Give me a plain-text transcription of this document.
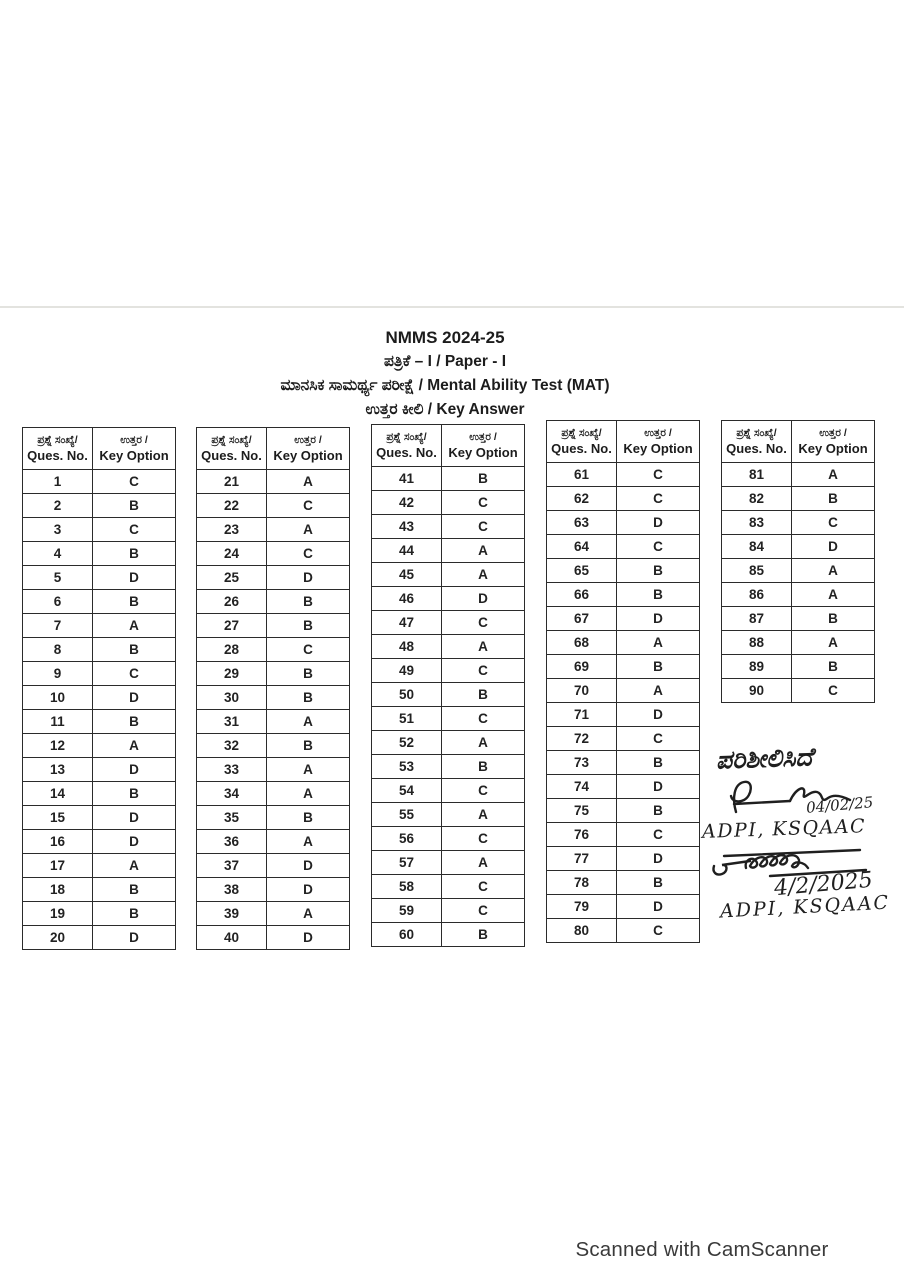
NMMS 2024-25
ಪತ್ರಿಕೆ – I / Paper - I
ಮಾನಸಿಕ ಸಾಮರ್ಥ್ಯ ಪರೀಕ್ಷೆ / Mental Ability Test (MAT)
ಉತ್ತರ ಕೀಲಿ / Key Answer
ಪ್ರಶ್ನೆ ಸಂಖ್ಯೆ/
Ques. No.	ಉತ್ತರ /
Key Option

1	C
2	B
3	C
4	B
5	D
6	B
7	A
8	B
9	C
10	D
11	B
12	A
13	D
14	B
15	D
16	D
17	A
18	B
19	B
20	D
ಪ್ರಶ್ನೆ ಸಂಖ್ಯೆ/
Ques. No.	ಉತ್ತರ /
Key Option

21	A
22	C
23	A
24	C
25	D
26	B
27	B
28	C
29	B
30	B
31	A
32	B
33	A
34	A
35	B
36	A
37	D
38	D
39	A
40	D
ಪ್ರಶ್ನೆ ಸಂಖ್ಯೆ/
Ques. No.	ಉತ್ತರ /
Key Option

41	B
42	C
43	C
44	A
45	A
46	D
47	C
48	A
49	C
50	B
51	C
52	A
53	B
54	C
55	A
56	C
57	A
58	C
59	C
60	B
ಪ್ರಶ್ನೆ ಸಂಖ್ಯೆ/
Ques. No.	ಉತ್ತರ /
Key Option

61	C
62	C
63	D
64	C
65	B
66	B
67	D
68	A
69	B
70	A
71	D
72	C
73	B
74	D
75	B
76	C
77	D
78	B
79	D
80	C
ಪ್ರಶ್ನೆ ಸಂಖ್ಯೆ/
Ques. No.	ಉತ್ತರ /
Key Option

81	A
82	B
83	C
84	D
85	A
86	A
87	B
88	A
89	B
90	C
ಪರಿಶೀಲಿಸಿದೆ
04/02/25
ADPI, KSQAAC
4/2/2025
ADPI, KSQAAC
Scanned with CamScanner
